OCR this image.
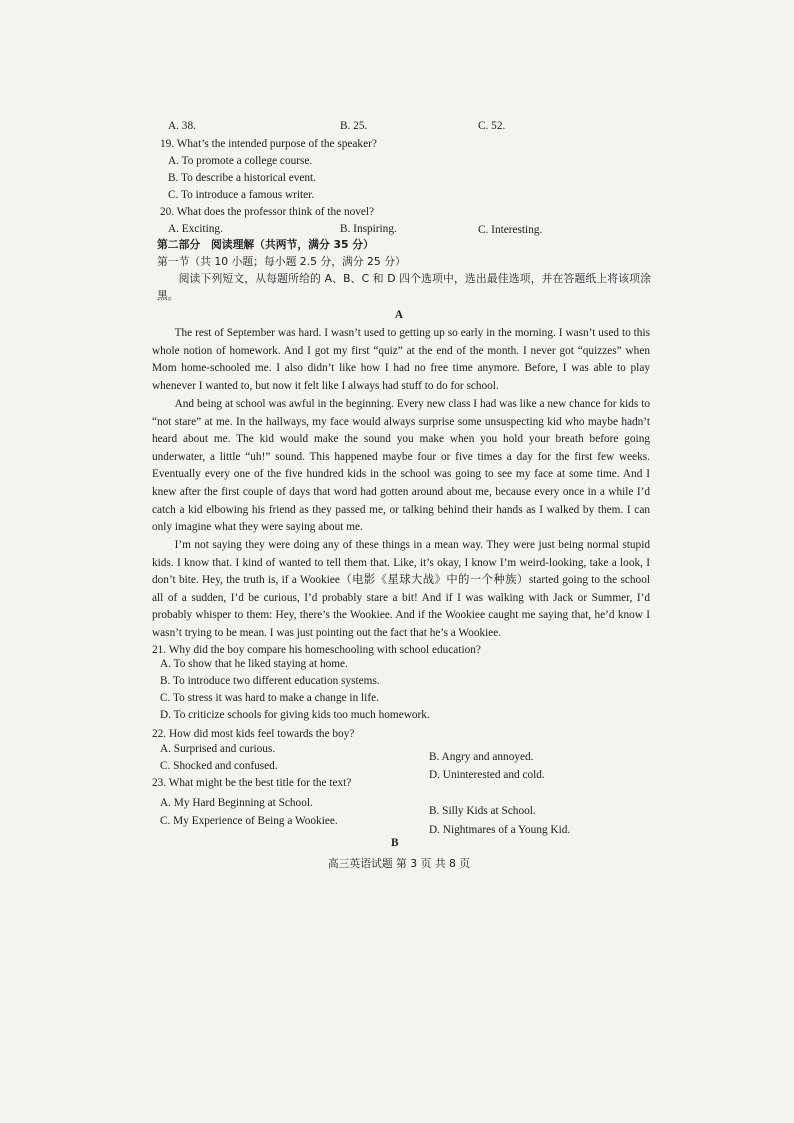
A. 38.	B. 25.	C. 52.
19. What’s the intended purpose of the speaker?
A. To promote a college course.
B. To describe a historical event.
C. To introduce a famous writer.
20. What does the professor think of the novel?
A. Exciting.	B. Inspiring.	C. Interesting.
第二部分　阅读理解（共两节，满分 35 分）
第一节（共 10 小题；每小题 2.5 分，满分 25 分）
阅读下列短文，从每题所给的 A、B、C 和 D 四个选项中，选出最佳选项，并在答题纸上将该项涂黑。
A
The rest of September was hard. I wasn’t used to getting up so early in the morning. I wasn’t used to this whole notion of homework. And I got my first “quiz” at the end of the month. I never got “quizzes” when Mom home-schooled me. I also didn’t like how I had no free time anymore. Before, I was able to play whenever I wanted to, but now it felt like I always had stuff to do for school.
And being at school was awful in the beginning. Every new class I had was like a new chance for kids to “not stare” at me. In the hallways, my face would always surprise some unsuspecting kid who maybe hadn’t heard about me. The kid would make the sound you make when you hold your breath before going underwater, a little “uh!” sound. This happened maybe four or five times a day for the first few weeks. Eventually every one of the five hundred kids in the school was going to see my face at some time. And I knew after the first couple of days that word had gotten around about me, because every once in a while I’d catch a kid elbowing his friend as they passed me, or talking behind their hands as I walked by them. I can only imagine what they were saying about me.
I’m not saying they were doing any of these things in a mean way. They were just being normal stupid kids. I know that. I kind of wanted to tell them that. Like, it’s okay, I know I’m weird-looking, take a look, I don’t bite. Hey, the truth is, if a Wookiee（电影《星球大战》中的一个种族）started going to the school all of a sudden, I’d be curious, I’d probably stare a bit! And if I was walking with Jack or Summer, I’d probably whisper to them: Hey, there’s the Wookiee. And if the Wookiee caught me saying that, he’d know I wasn’t trying to be mean. I was just pointing out the fact that he’s a Wookiee.
21. Why did the boy compare his homeschooling with school education?
A. To show that he liked staying at home.
B. To introduce two different education systems.
C. To stress it was hard to make a change in life.
D. To criticize schools for giving kids too much homework.
22. How did most kids feel towards the boy?
A. Surprised and curious.
B. Angry and annoyed.
C. Shocked and confused.
D. Uninterested and cold.
23. What might be the best title for the text?
A. My Hard Beginning at School.
B. Silly Kids at School.
C. My Experience of Being a Wookiee.
D. Nightmares of a Young Kid.
B
高三英语试题 第 3 页 共 8 页
